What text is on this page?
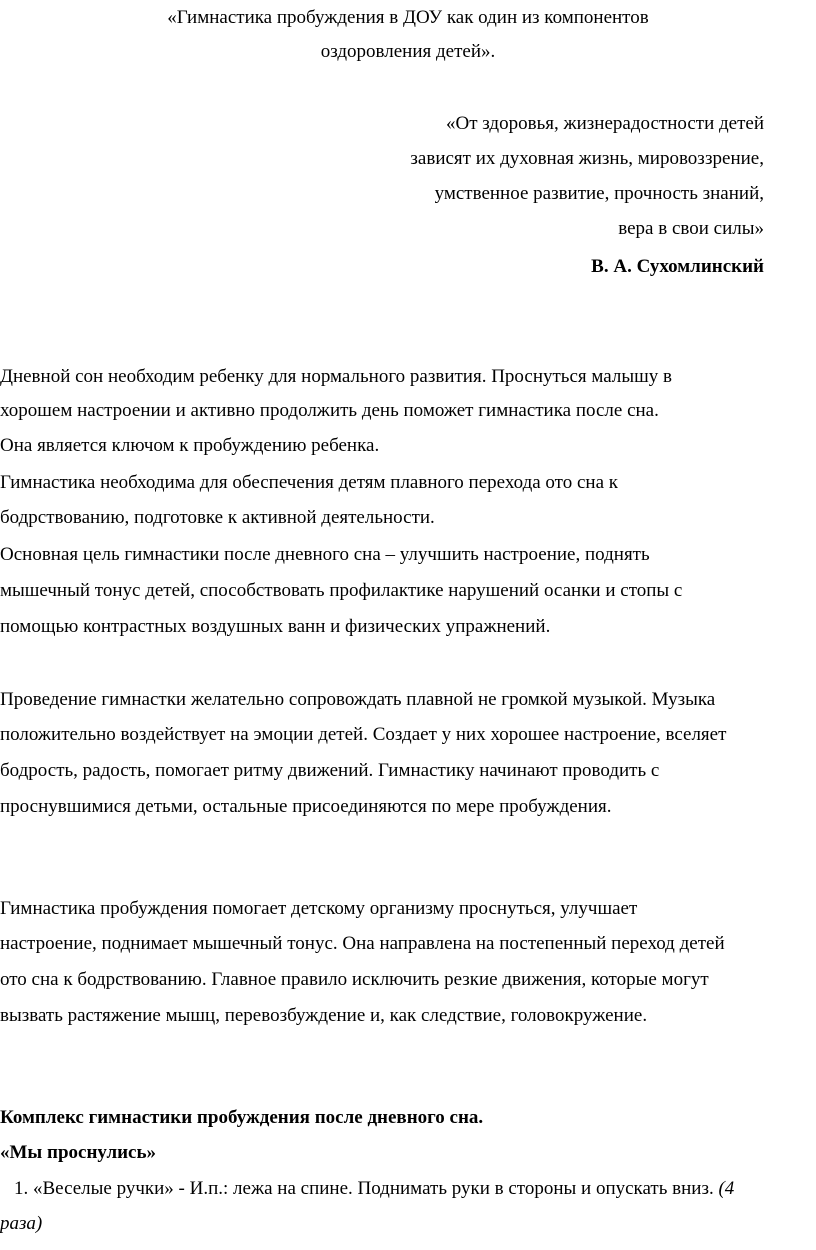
«Гимнастика пробуждения в ДОУ как один из компонентов
оздоровления детей».
«От здоровья, жизнерадостности детей
зависят их духовная жизнь, мировоззрение,
умственное развитие, прочность знаний,
вера в свои силы»
В. А. Сухомлинский
Дневной сон необходим ребенку для нормального развития. Проснуться малышу в
хорошем настроении и активно продолжить день поможет гимнастика после сна.
Она является ключом к пробуждению ребенка.
Гимнастика необходима для обеспечения детям плавного перехода ото сна к
бодрствованию, подготовке к активной деятельности.
Основная цель гимнастики после дневного сна – улучшить настроение, поднять
мышечный тонус детей, способствовать профилактике нарушений осанки и стопы с
помощью контрастных воздушных ванн и физических упражнений.
Проведение гимнастки желательно сопровождать плавной не громкой музыкой. Музыка
положительно воздействует на эмоции детей. Создает у них хорошее настроение, вселяет
бодрость, радость, помогает ритму движений. Гимнастику начинают проводить с
проснувшимися детьми, остальные присоединяются по мере пробуждения.
Гимнастика пробуждения помогает детскому организму проснуться, улучшает
настроение, поднимает мышечный тонус. Она направлена на постепенный переход детей
ото сна к бодрствованию. Главное правило исключить резкие движения, которые могут
вызвать растяжение мышц, перевозбуждение и, как следствие, головокружение.
Комплекс гимнастики пробуждения после дневного сна.
«Мы проснулись»
1. «Веселые ручки» - И.п.: лежа на спине. Поднимать руки в стороны и опускать вниз. (4
раза)
